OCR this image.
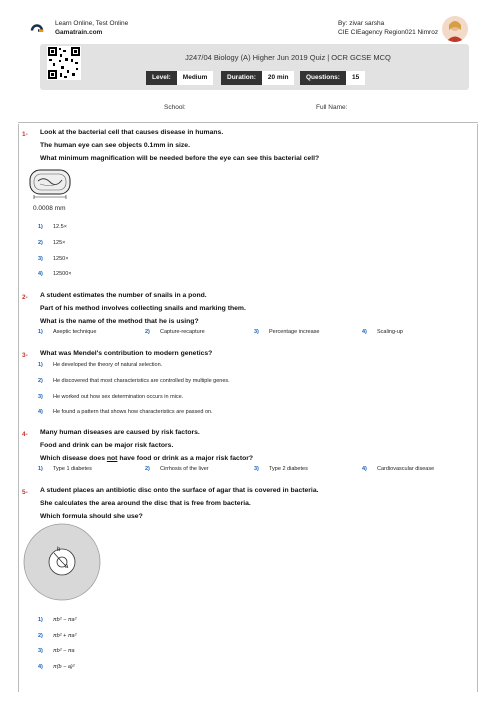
Learn Online, Test Online
Gamatrain.com
By: zivar sarsha
CIE CIEagency Region021 Nimroz
J247/04 Biology (A) Higher Jun 2019 Quiz | OCR GCSE MCQ
Level:	Medium	Duration:	20 min	Questions:	15
School:	Full Name:
1- Look at the bacterial cell that causes disease in humans.
The human eye can see objects 0.1mm in size.
What minimum magnification will be needed before the eye can see this bacterial cell?
0.0008 mm
1) 12.5×
2) 125×
3) 1250×
4) 12500×
2- A student estimates the number of snails in a pond.
Part of his method involves collecting snails and marking them.
What is the name of the method that he is using?
1) Aseptic technique	2) Capture-recapture	3) Percentage increase	4) Scaling-up
3- What was Mendel's contribution to modern genetics?
1) He developed the theory of natural selection.
2) He discovered that most characteristics are controlled by multiple genes.
3) He worked out how sex determination occurs in mice.
4) He found a pattern that shows how characteristics are passed on.
4- Many human diseases are caused by risk factors.
Food and drink can be major risk factors.
Which disease does not have food or drink as a major risk factor?
1) Type 1 diabetes	2) Cirrhosis of the liver	3) Type 2 diabetes	4) Cardiovascular disease
5- A student places an antibiotic disc onto the surface of agar that is covered in bacteria.
She calculates the area around the disc that is free from bacteria.
Which formula should she use?
b
a
1) πb² − πa²
2) πb² + πa²
3) πb² − πa
4) π(b − a)²
